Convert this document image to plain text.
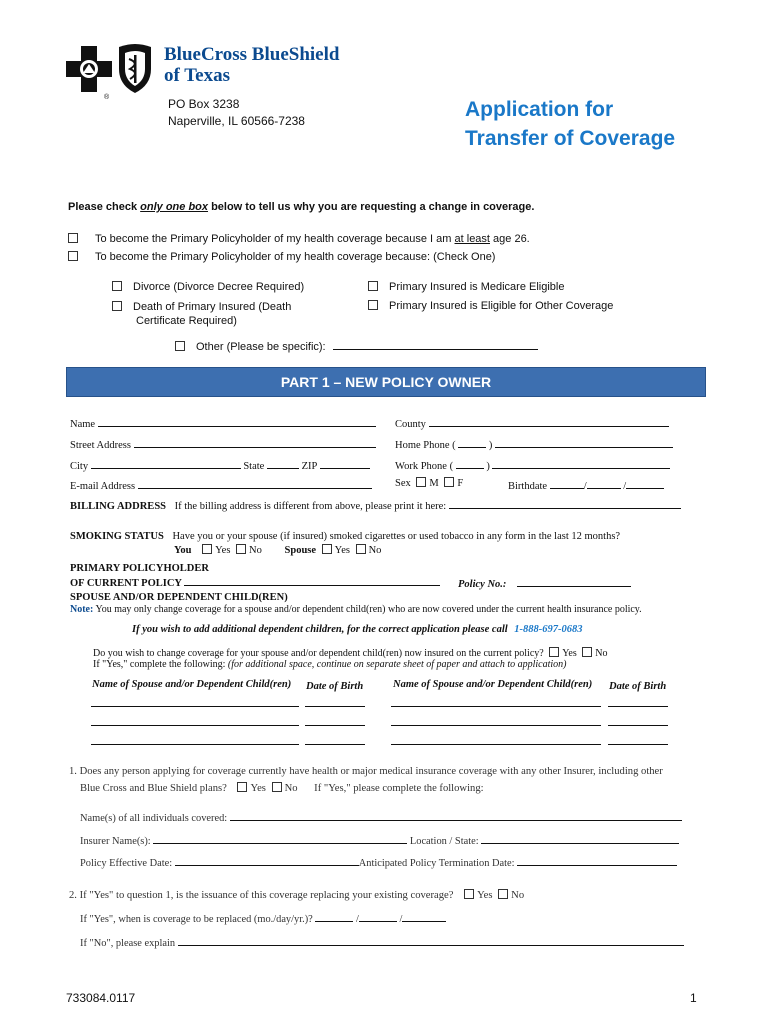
®
BlueCross BlueShield
of Texas
PO Box 3238
Naperville, IL 60566-7238	Application for
Transfer of Coverage
Please check only one box below to tell us why you are requesting a change in coverage.
To become the Primary Policyholder of my health coverage because I am at least age 26.
To become the Primary Policyholder of my health coverage because: (Check One)
Divorce (Divorce Decree Required)	Primary Insured is Medicare Eligible
Death of Primary Insured (Death
Certificate Required)
Primary Insured is Eligible for Other Coverage
Other (Please be specific):
PART 1 – NEW POLICY OWNER
Name	County
Street Address	Home Phone (	)
City	State	ZIP	Work Phone (	)
E-mail Address	Sex M F	Birthdate	/	/
BILLING ADDRESS If the billing address is different from above, please print it here:
SMOKING STATUS Have you or your spouse (if insured) smoked cigarettes or used tobacco in any form in the last 12 months?
You Yes No Spouse Yes No
PRIMARY POLICYHOLDER
OF CURRENT POLICY	Policy No.:
SPOUSE AND/OR DEPENDENT CHILD(REN)
Note: You may only change coverage for a spouse and/or dependent child(ren) who are now covered under the current health insurance policy.
If you wish to add additional dependent children, for the correct application please call 1-888-697-0683
Do you wish to change coverage for your spouse and/or dependent child(ren) now insured on the current policy? Yes No
If "Yes," complete the following: (for additional space, continue on separate sheet of paper and attach to application)
Name of Spouse and/or Dependent Child(ren) Date of Birth	Name of Spouse and/or Dependent Child(ren) Date of Birth
1. Does any person applying for coverage currently have health or major medical insurance coverage with any other Insurer, including other
Blue Cross and Blue Shield plans? Yes No If "Yes," please complete the following:
Name(s) of all individuals covered:
Insurer Name(s):	Location / State:
Policy Effective Date:	Anticipated Policy Termination Date:
2. If "Yes" to question 1, is the issuance of this coverage replacing your existing coverage? Yes No
If "Yes", when is coverage to be replaced (mo./day/yr.)?	/	/
If "No", please explain
733084.0117	1
